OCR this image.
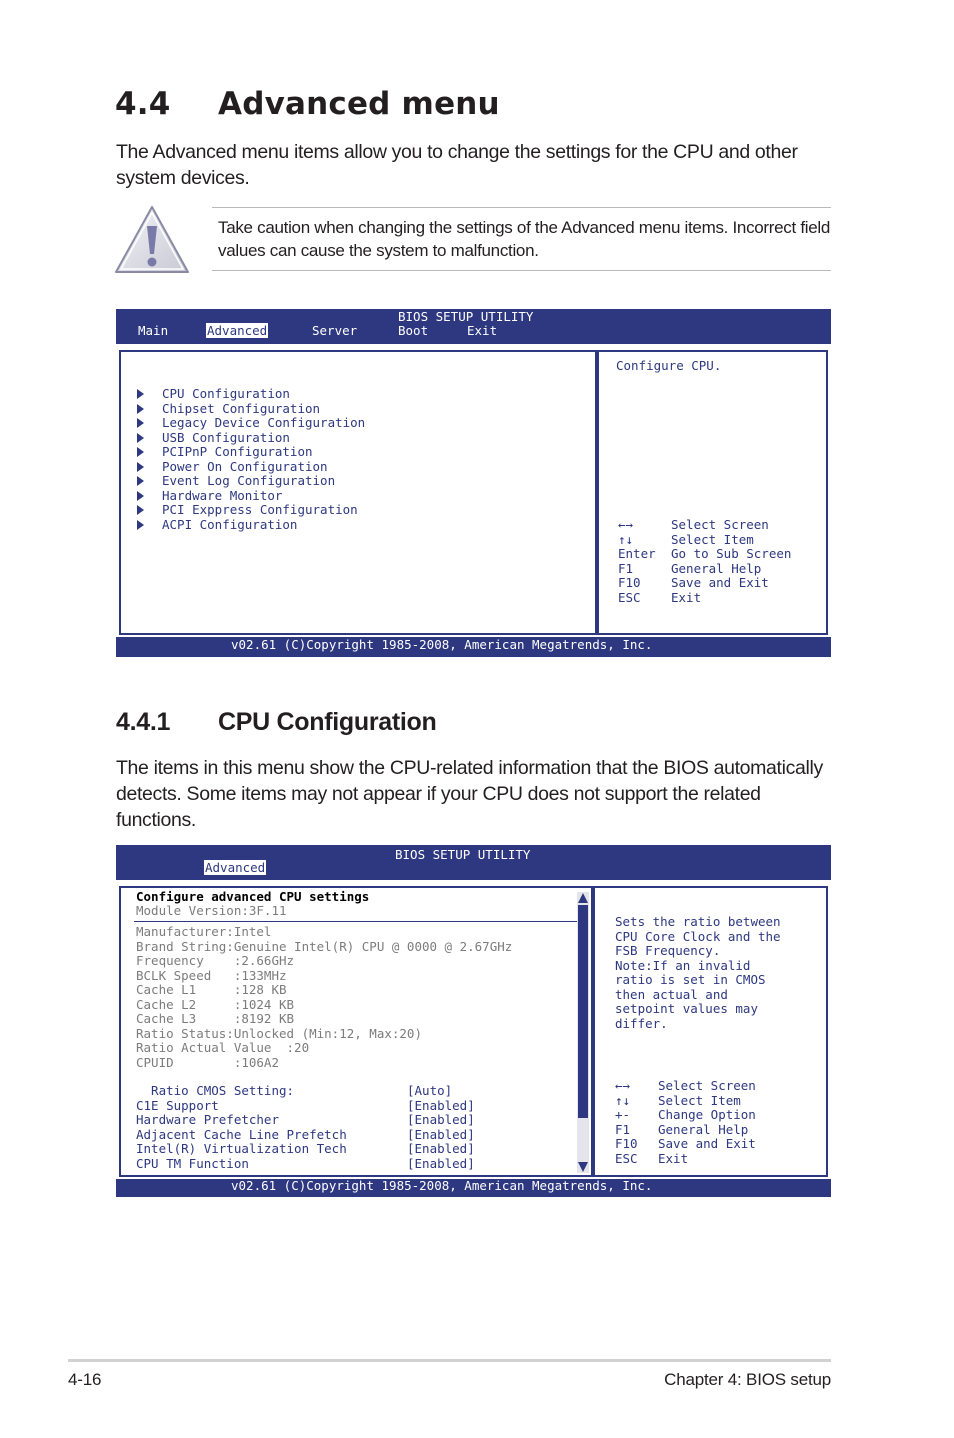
4.4 Advanced menu
The Advanced menu items allow you to change the settings for the CPU and other system devices.
Take caution when changing the settings of the Advanced menu items. Incorrect field values can cause the system to malfunction.
BIOS SETUP UTILITY
Main	Advanced	Server	Boot	Exit
CPU Configuration
Chipset Configuration
Legacy Device Configuration
USB Configuration
PCIPnP Configuration
Power On Configuration
Event Log Configuration
Hardware Monitor
PCI Exppress Configuration
ACPI Configuration
Configure CPU.
←→	Select Screen
↑↓	Select Item
Enter Go to Sub Screen
F1	General Help
F10 Save and Exit
ESC Exit
v02.61 (C)Copyright 1985-2008, American Megatrends, Inc.
4.4.1 CPU Configuration
The items in this menu show the CPU-related information that the BIOS automatically detects. Some items may not appear if your CPU does not support the related functions.
BIOS SETUP UTILITY
Advanced
Configure advanced CPU settings
Module Version:3F.11
Manufacturer:Intel
Brand String:Genuine Intel(R) CPU @ 0000 @ 2.67GHz
Frequency    :2.66GHz
BCLK Speed   :133MHz
Cache L1     :128 KB
Cache L2     :1024 KB
Cache L3     :8192 KB
Ratio Status:Unlocked (Min:12, Max:20)
Ratio Actual Value  :20
CPUID        :106A2
Ratio CMOS Setting:	[Auto]
C1E Support	[Enabled]
Hardware Prefetcher	[Enabled]
Adjacent Cache Line Prefetch	[Enabled]
Intel(R) Virtualization Tech	[Enabled]
CPU TM Function	[Enabled]
Sets the ratio between
CPU Core Clock and the
FSB Frequency.
Note:If an invalid
ratio is set in CMOS
then actual and
setpoint values may
differ.
←→ Select Screen
↑↓ Select Item
+- Change Option
F1 General Help
F10 Save and Exit
ESC Exit
v02.61 (C)Copyright 1985-2008, American Megatrends, Inc.
4-16	Chapter 4: BIOS setup
